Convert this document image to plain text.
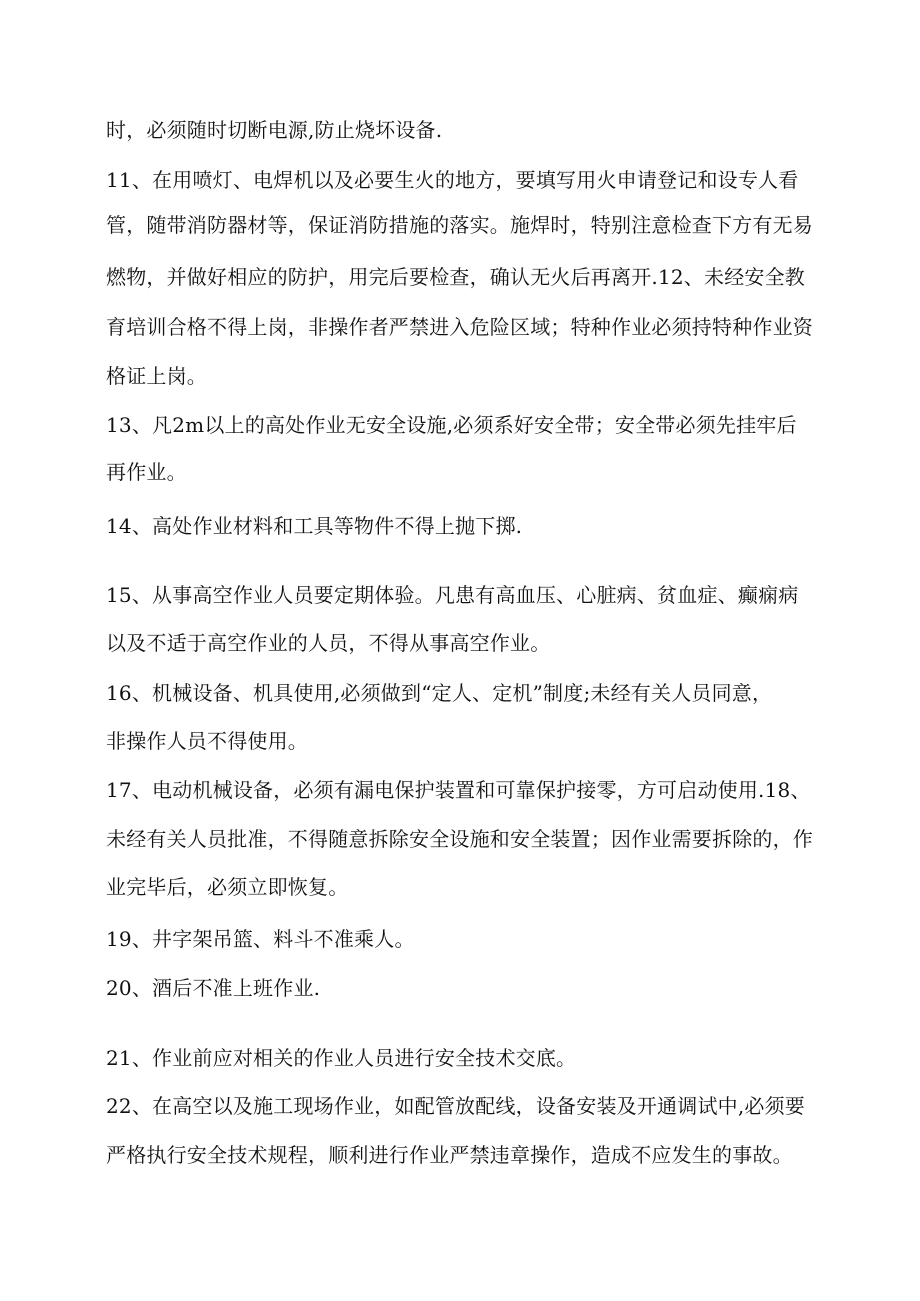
时，必须随时切断电源,防止烧坏设备.
11、在用喷灯、电焊机以及必要生火的地方，要填写用火申请登记和设专人看
管，随带消防器材等，保证消防措施的落实。施焊时，特别注意检查下方有无易
燃物，并做好相应的防护，用完后要检查，确认无火后再离开.12、未经安全教
育培训合格不得上岗，非操作者严禁进入危险区域；特种作业必须持特种作业资
格证上岗。
13、凡2m以上的高处作业无安全设施,必须系好安全带；安全带必须先挂牢后
再作业。
14、高处作业材料和工具等物件不得上抛下掷.
15、从事高空作业人员要定期体验。凡患有高血压、心脏病、贫血症、癫痫病
以及不适于高空作业的人员，不得从事高空作业。
16、机械设备、机具使用,必须做到“定人、定机”制度;未经有关人员同意，
非操作人员不得使用。
17、电动机械设备，必须有漏电保护装置和可靠保护接零，方可启动使用.18、
未经有关人员批准，不得随意拆除安全设施和安全装置；因作业需要拆除的，作
业完毕后，必须立即恢复。
19、井字架吊篮、料斗不准乘人。
20、酒后不准上班作业.
21、作业前应对相关的作业人员进行安全技术交底。
22、在高空以及施工现场作业，如配管放配线，设备安装及开通调试中,必须要
严格执行安全技术规程，顺利进行作业严禁违章操作，造成不应发生的事故。
